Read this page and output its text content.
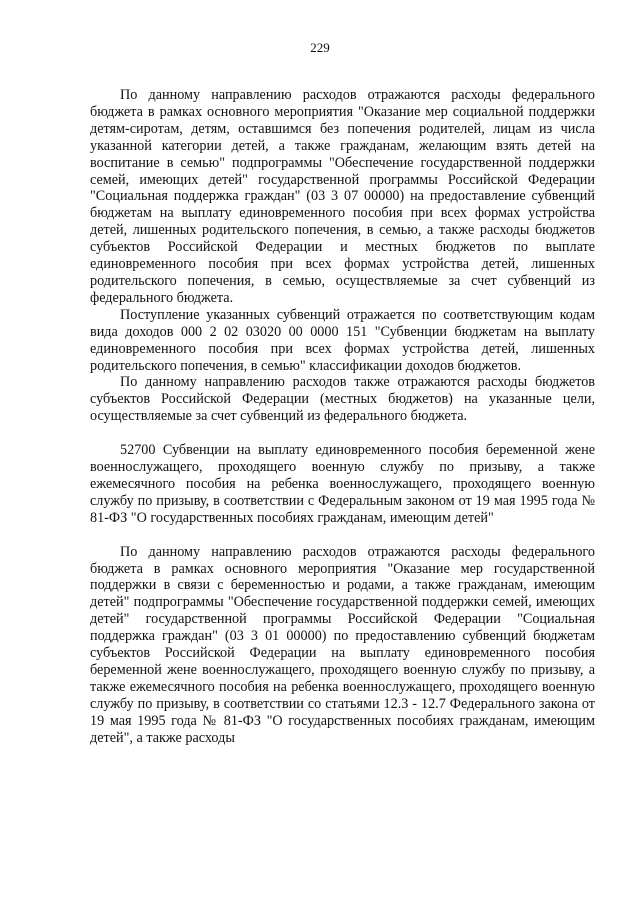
229

По данному направлению расходов отражаются расходы федерального бюджета в рамках основного мероприятия "Оказание мер социальной поддержки детям-сиротам, детям, оставшимся без попечения родителей, лицам из числа указанной категории детей, а также гражданам, желающим взять детей на воспитание в семью" подпрограммы "Обеспечение государственной поддержки семей, имеющих детей" государственной программы Российской Федерации "Социальная поддержка граждан" (03 3 07 00000) на предоставление субвенций бюджетам на выплату единовременного пособия при всех формах устройства детей, лишенных родительского попечения, в семью, а также расходы бюджетов субъектов Российской Федерации и местных бюджетов по выплате единовременного пособия при всех формах устройства детей, лишенных родительского попечения, в семью, осуществляемые за счет субвенций из федерального бюджета.

Поступление указанных субвенций отражается по соответствующим кодам вида доходов 000 2 02 03020 00 0000 151 "Субвенции бюджетам на выплату единовременного пособия при всех формах устройства детей, лишенных родительского попечения, в семью" классификации доходов бюджетов.

По данному направлению расходов также отражаются расходы бюджетов субъектов Российской Федерации (местных бюджетов) на указанные цели, осуществляемые за счет субвенций из федерального бюджета.

52700 Субвенции на выплату единовременного пособия беременной жене военнослужащего, проходящего военную службу по призыву, а также ежемесячного пособия на ребенка военнослужащего, проходящего военную службу по призыву, в соответствии с Федеральным законом от 19 мая 1995 года № 81-ФЗ "О государственных пособиях гражданам, имеющим детей"

По данному направлению расходов отражаются расходы федерального бюджета в рамках основного мероприятия "Оказание мер государственной поддержки в связи с беременностью и родами, а также гражданам, имеющим детей" подпрограммы "Обеспечение государственной поддержки семей, имеющих детей" государственной программы Российской Федерации "Социальная поддержка граждан" (03 3 01 00000) по предоставлению субвенций бюджетам субъектов Российской Федерации на выплату единовременного пособия беременной жене военнослужащего, проходящего военную службу по призыву, а также ежемесячного пособия на ребенка военнослужащего, проходящего военную службу по призыву, в соответствии со статьями 12.3 - 12.7 Федерального закона от 19 мая 1995 года № 81-ФЗ "О государственных пособиях гражданам, имеющим детей", а также расходы
